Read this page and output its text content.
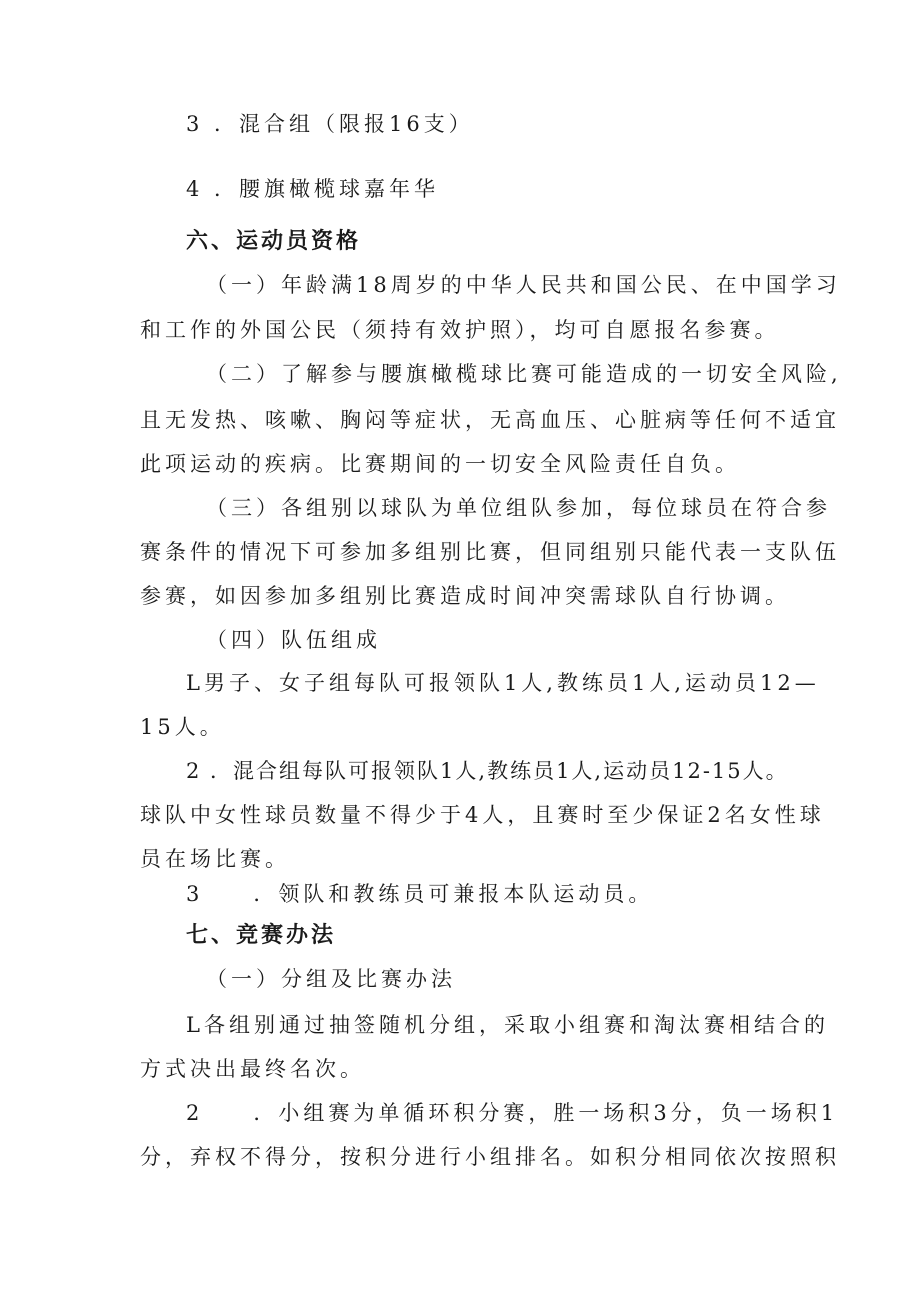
3 ．混合组（限报16支）
4 ．腰旗橄榄球嘉年华
六、运动员资格
（一）年龄满18周岁的中华人民共和国公民、在中国学习
和工作的外国公民（须持有效护照），均可自愿报名参赛。
（二）了解参与腰旗橄榄球比赛可能造成的一切安全风险,
且无发热、咳嗽、胸闷等症状，无高血压、心脏病等任何不适宜
此项运动的疾病。比赛期间的一切安全风险责任自负。
（三）各组别以球队为单位组队参加，每位球员在符合参
赛条件的情况下可参加多组别比赛，但同组别只能代表一支队伍
参赛，如因参加多组别比赛造成时间冲突需球队自行协调。
（四）队伍组成
L男子、女子组每队可报领队1人,教练员1人,运动员12—
15人。
2 ．混合组每队可报领队1人,教练员1人,运动员12-15人。
球队中女性球员数量不得少于4人，且赛时至少保证2名女性球
员在场比赛。
3　　．领队和教练员可兼报本队运动员。
七、竞赛办法
（一）分组及比赛办法
L各组别通过抽签随机分组，采取小组赛和淘汰赛相结合的
方式决出最终名次。
2　　．小组赛为单循环积分赛，胜一场积3分，负一场积1
分，弃权不得分，按积分进行小组排名。如积分相同依次按照积
